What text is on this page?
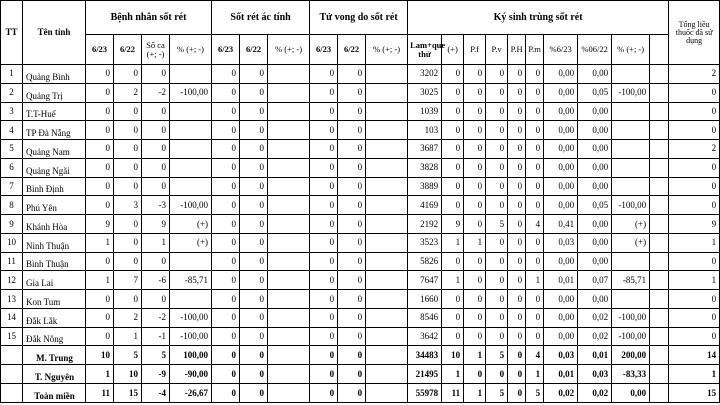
TT	Tên tỉnh	Bệnh nhân sốt rét				Sốt rét ác tính			Tử vong do sốt rét			Ký sinh trùng sốt rét										Tổng liều thuốc đã sử dụng
		6/23	6/22	Số ca (+; -)	% (+; -)	6/23	6/22	% (+; -)	6/23	6/22	% (+; -)	Lam+que thử	(+)	P.f	P.v	P.H	P.m	%6/23	%06/22	% (+; -)		
1	Quảng Bình	0	0	0		0	0		0	0		3202	0	0	0	0	0	0,00	0,00			2
2	Quảng Trị	0	2	-2	-100,00	0	0		0	0		3025	0	0	0	0	0	0,00	0,05	-100,00		0
3	T.T-Huế	0	0	0		0	0		0	0		1039	0	0	0	0	0	0,00	0,00			0
4	TP Đà Nẵng	0	0	0		0	0		0	0		103	0	0	0	0	0	0,00	0,00			0
5	Quảng Nam	0	0	0		0	0		0	0		3687	0	0	0	0	0	0,00	0,00			2
6	Quảng Ngãi	0	0	0		0	0		0	0		3828	0	0	0	0	0	0,00	0,00			0
7	Bình Định	0	0	0		0	0		0	0		3889	0	0	0	0	0	0,00	0,00			0
8	Phú Yên	0	3	-3	-100,00	0	0		0	0		4169	0	0	0	0	0	0,00	0,05	-100,00		0
9	Khánh Hòa	9	0	9	(+)	0	0		0	0		2192	9	0	5	0	4	0,41	0,00	(+)		9
10	Ninh Thuận	1	0	1	(+)	0	0		0	0		3523	1	1	0	0	0	0,03	0,00	(+)		1
11	Bình Thuận	0	0	0		0	0		0	0		5826	0	0	0	0	0	0,00	0,00			0
12	Gia Lai	1	7	-6	-85,71	0	0		0	0		7647	1	0	0	0	1	0,01	0,07	-85,71		1
13	Kon Tum	0	0	0		0	0		0	0		1660	0	0	0	0	0	0,00	0,00			0
14	Đắk Lắk	0	2	-2	-100,00	0	0		0	0		8546	0	0	0	0	0	0,00	0,02	-100,00		0
15	Đắk Nông	0	1	-1	-100,00	0	0		0	0		3642	0	0	0	0	0	0,00	0,02	-100,00		0
	M. Trung	10	5	5	100,00	0	0		0	0		34483	10	1	5	0	4	0,03	0,01	200,00		14
	T. Nguyên	1	10	-9	-90,00	0	0		0	0		21495	1	0	0	0	1	0,01	0,03	-83,33		1
	Toàn miền	11	15	-4	-26,67	0	0		0	0		55978	11	1	5	0	5	0,02	0,02	0,00		15
